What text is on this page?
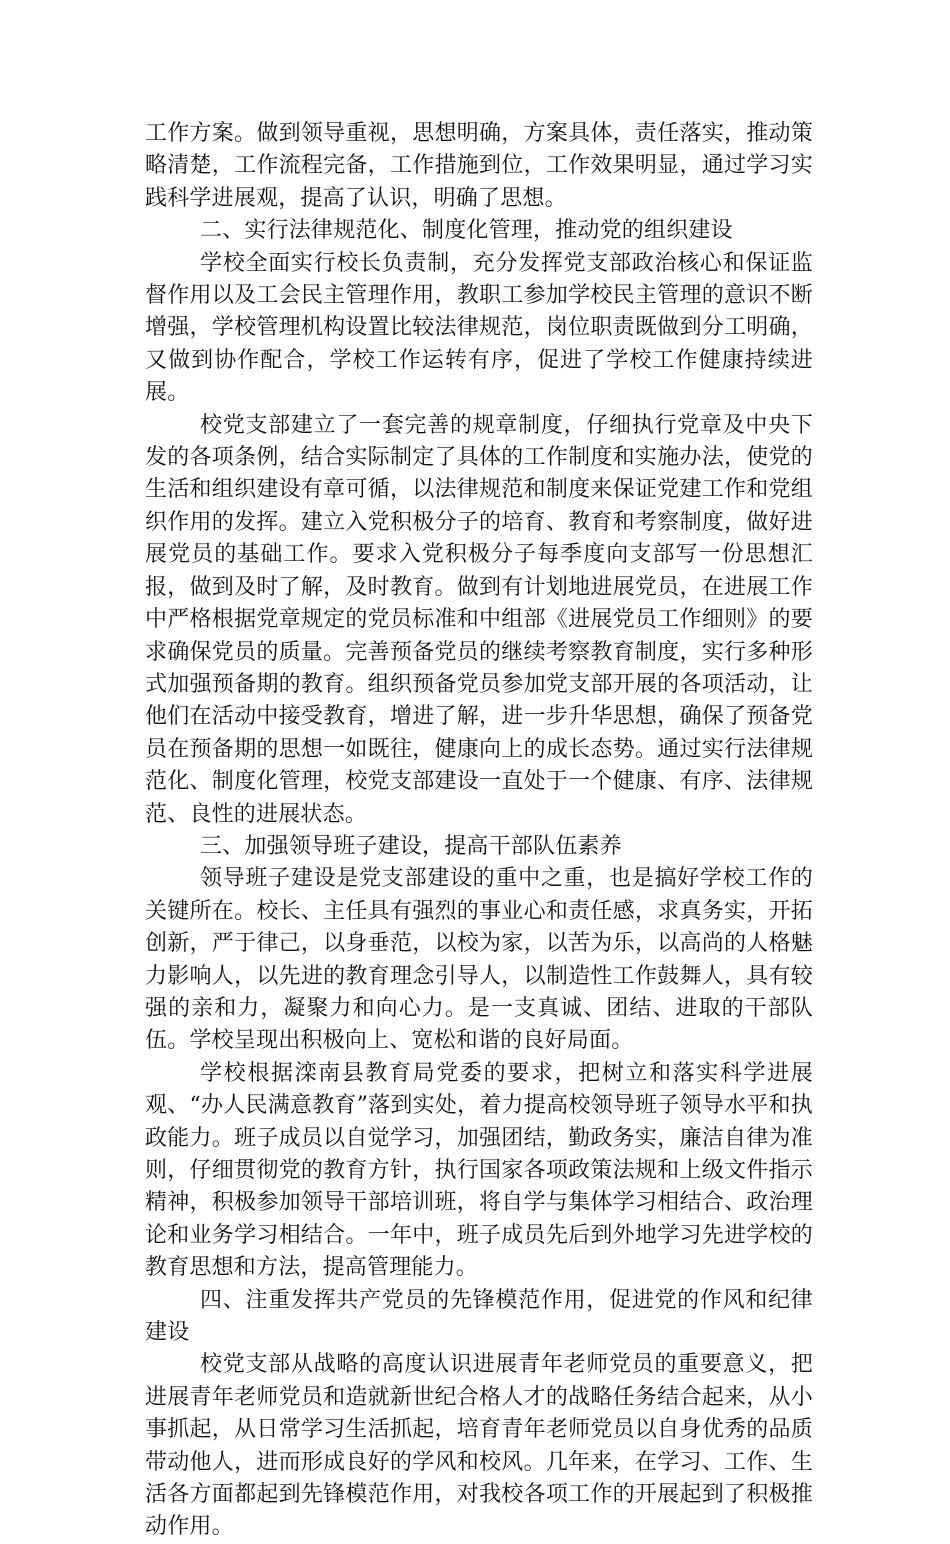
工作方案。做到领导重视，思想明确，方案具体，责任落实，推动策略清楚，工作流程完备，工作措施到位，工作效果明显，通过学习实践科学进展观，提高了认识，明确了思想。

二、实行法律规范化、制度化管理，推动党的组织建设

学校全面实行校长负责制，充分发挥党支部政治核心和保证监督作用以及工会民主管理作用，教职工参加学校民主管理的意识不断增强，学校管理机构设置比较法律规范，岗位职责既做到分工明确，又做到协作配合，学校工作运转有序，促进了学校工作健康持续进展。

校党支部建立了一套完善的规章制度，仔细执行党章及中央下发的各项条例，结合实际制定了具体的工作制度和实施办法，使党的生活和组织建设有章可循，以法律规范和制度来保证党建工作和党组织作用的发挥。建立入党积极分子的培育、教育和考察制度，做好进展党员的基础工作。要求入党积极分子每季度向支部写一份思想汇报，做到及时了解，及时教育。做到有计划地进展党员，在进展工作中严格根据党章规定的党员标准和中组部《进展党员工作细则》的要求确保党员的质量。完善预备党员的继续考察教育制度，实行多种形式加强预备期的教育。组织预备党员参加党支部开展的各项活动，让他们在活动中接受教育，增进了解，进一步升华思想，确保了预备党员在预备期的思想一如既往，健康向上的成长态势。通过实行法律规范化、制度化管理，校党支部建设一直处于一个健康、有序、法律规范、良性的进展状态。

三、加强领导班子建设，提高干部队伍素养

领导班子建设是党支部建设的重中之重，也是搞好学校工作的关键所在。校长、主任具有强烈的事业心和责任感，求真务实，开拓创新，严于律己，以身垂范，以校为家，以苦为乐，以高尚的人格魅力影响人，以先进的教育理念引导人，以制造性工作鼓舞人，具有较强的亲和力，凝聚力和向心力。是一支真诚、团结、进取的干部队伍。学校呈现出积极向上、宽松和谐的良好局面。

学校根据滦南县教育局党委的要求，把树立和落实科学进展观、“办人民满意教育”落到实处，着力提高校领导班子领导水平和执政能力。班子成员以自觉学习，加强团结，勤政务实，廉洁自律为准则，仔细贯彻党的教育方针，执行国家各项政策法规和上级文件指示精神，积极参加领导干部培训班，将自学与集体学习相结合、政治理论和业务学习相结合。一年中，班子成员先后到外地学习先进学校的教育思想和方法，提高管理能力。

四、注重发挥共产党员的先锋模范作用，促进党的作风和纪律建设

校党支部从战略的高度认识进展青年老师党员的重要意义，把进展青年老师党员和造就新世纪合格人才的战略任务结合起来，从小事抓起，从日常学习生活抓起，培育青年老师党员以自身优秀的品质带动他人，进而形成良好的学风和校风。几年来，在学习、工作、生活各方面都起到先锋模范作用，对我校各项工作的开展起到了积极推动作用。
